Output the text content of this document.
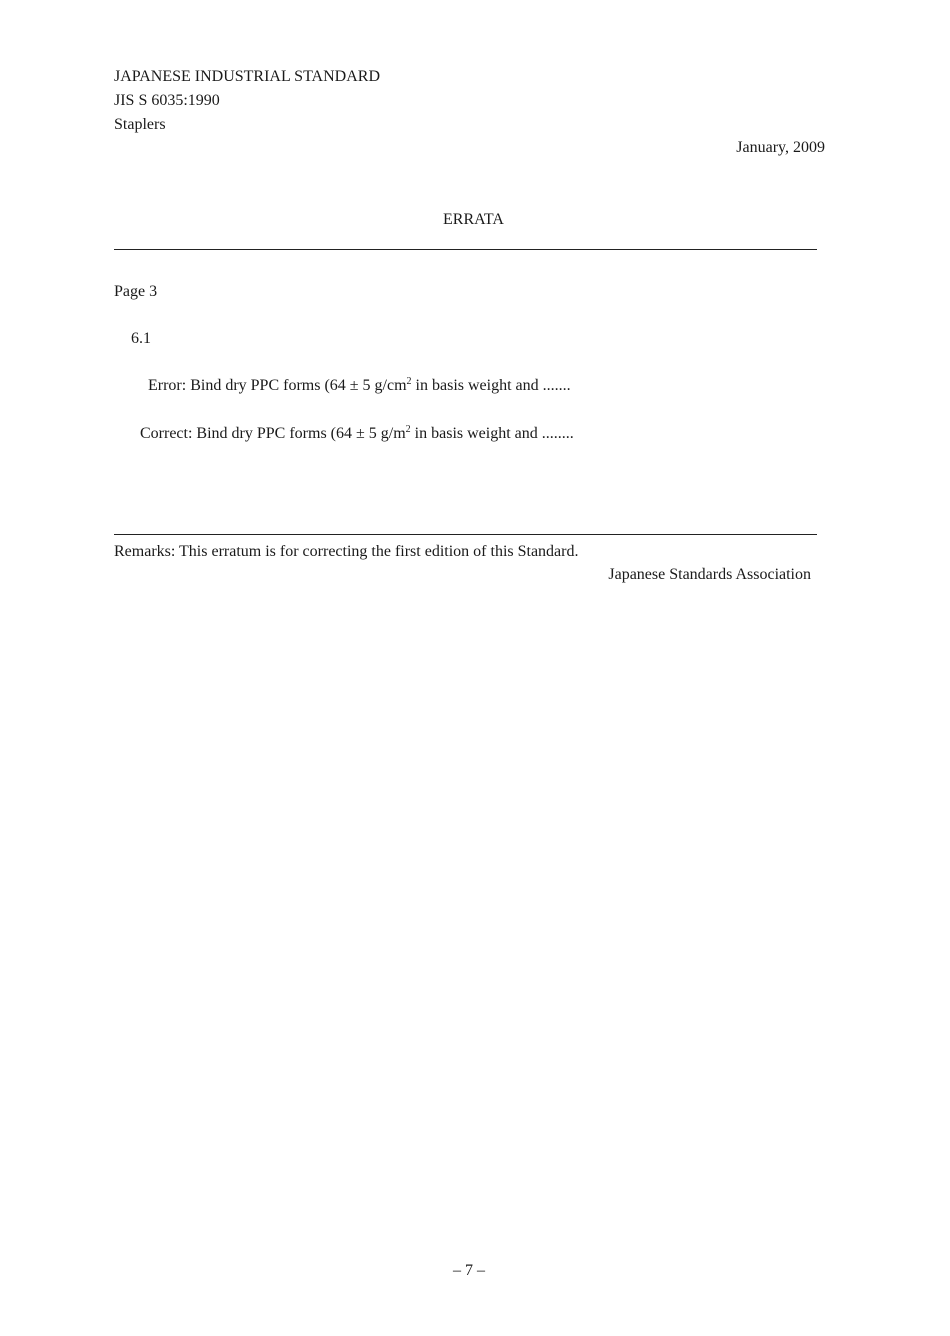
JAPANESE INDUSTRIAL STANDARD
JIS S 6035:1990
Staplers
January, 2009
ERRATA
Page 3
6.1
Error: Bind dry PPC forms (64 ± 5 $g/cm^2$ in basis weight and .......
Correct: Bind dry PPC forms (64 ± 5 $g/m^2$ in basis weight and ........
Remarks: This erratum is for correcting the first edition of this Standard.
Japanese Standards Association
– 7 –
